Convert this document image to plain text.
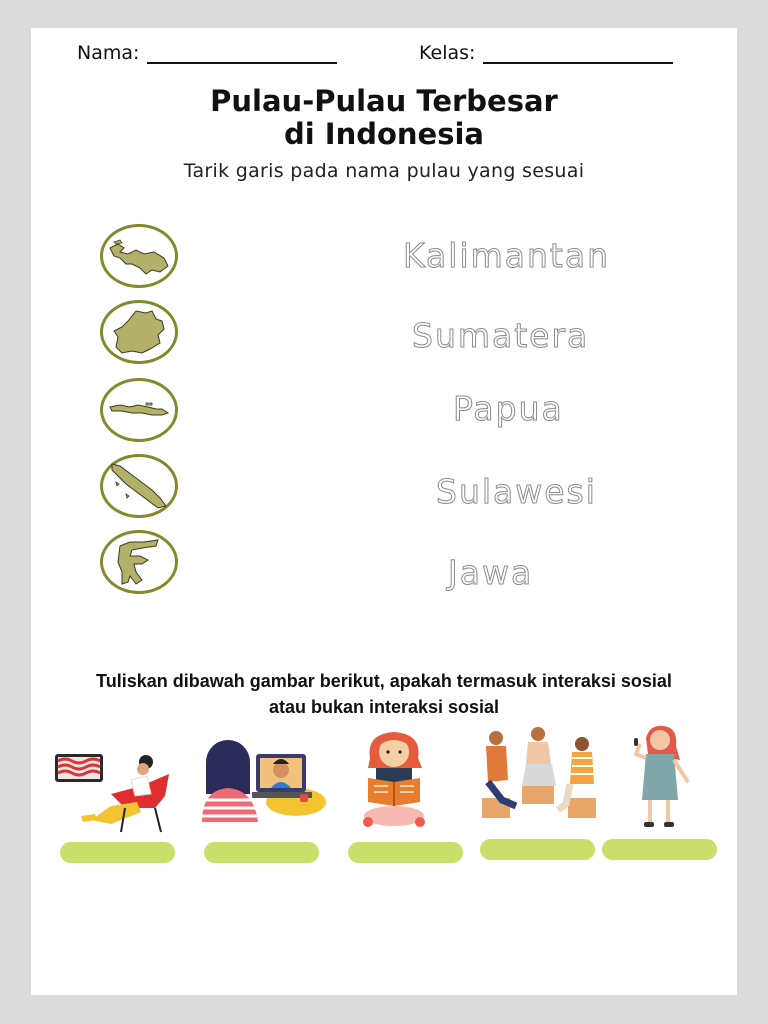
Nama:	Kelas:
Pulau-Pulau Terbesar
di Indonesia
Tarik garis pada nama pulau yang sesuai
Kalimantan
Sumatera
Papua
Sulawesi
Jawa
Tuliskan dibawah gambar berikut, apakah termasuk interaksi sosial
atau bukan interaksi sosial
